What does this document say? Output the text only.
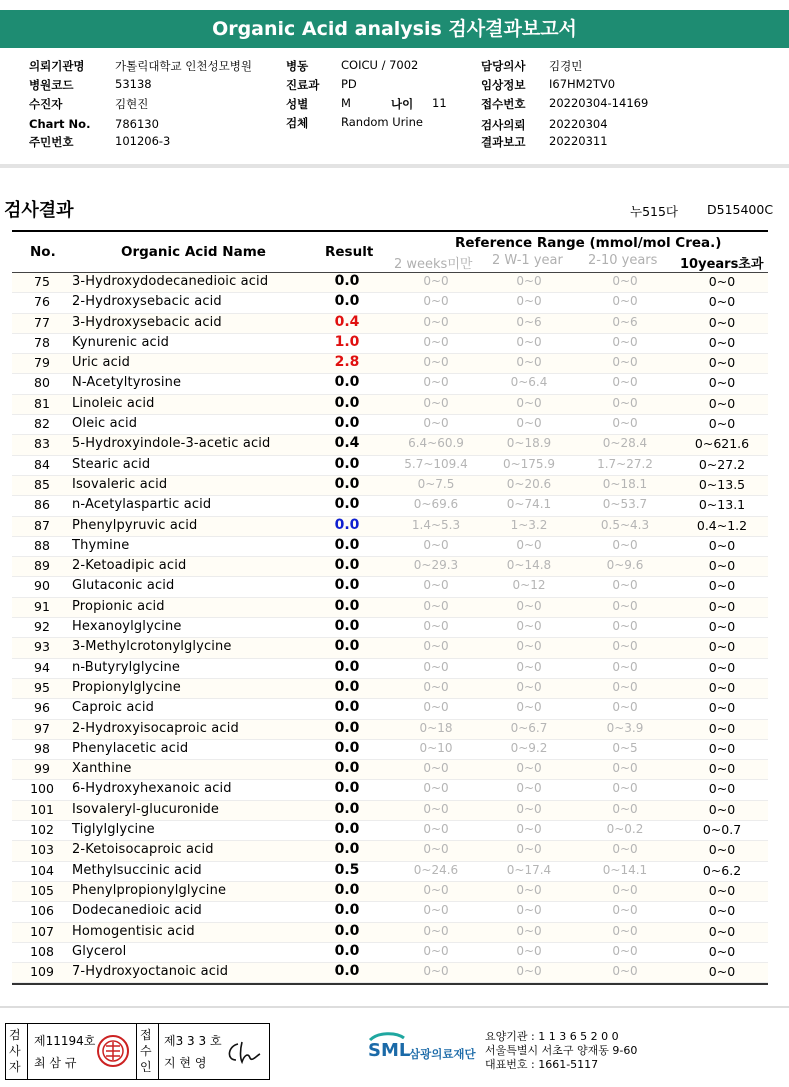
Organic Acid analysis 검사결과보고서
의뢰기관명	가톨릭대학교 인천성모병원
병원코드	53138
수진자	김현진
Chart No. 786130
주민번호	101206-3
병동	COICU / 7002
진료과 PD
성별	M	나이 11
검체	Random Urine
담당의사 김경민
임상정보 I67HM2TV0
접수번호 20220304-14169
검사의뢰 20220304
결과보고 20220311
검사결과	누515다 D515400C
No.	Organic Acid Name	Result
Reference Range (mmol/mol Crea.)
2 weeks미만 2 W-1 year 2-10 years 10years초과
75	3-Hydroxydodecanedioic acid	0.0	0~0	0~0	0~0	0~0
76	2-Hydroxysebacic acid	0.0	0~0	0~0	0~0	0~0
77	3-Hydroxysebacic acid	0.4	0~0	0~6	0~6	0~0
78	Kynurenic acid	1.0	0~0	0~0	0~0	0~0
79	Uric acid	2.8	0~0	0~0	0~0	0~0
80	N-Acetyltyrosine	0.0	0~0	0~6.4	0~0	0~0
81	Linoleic acid	0.0	0~0	0~0	0~0	0~0
82	Oleic acid	0.0	0~0	0~0	0~0	0~0
83	5-Hydroxyindole-3-acetic acid	0.4	6.4~60.9	0~18.9	0~28.4	0~621.6
84	Stearic acid	0.0	5.7~109.4	0~175.9	1.7~27.2	0~27.2
85	Isovaleric acid	0.0	0~7.5	0~20.6	0~18.1	0~13.5
86	n-Acetylaspartic acid	0.0	0~69.6	0~74.1	0~53.7	0~13.1
87	Phenylpyruvic acid	0.0	1.4~5.3	1~3.2	0.5~4.3	0.4~1.2
88	Thymine	0.0	0~0	0~0	0~0	0~0
89	2-Ketoadipic acid	0.0	0~29.3	0~14.8	0~9.6	0~0
90	Glutaconic acid	0.0	0~0	0~12	0~0	0~0
91	Propionic acid	0.0	0~0	0~0	0~0	0~0
92	Hexanoylglycine	0.0	0~0	0~0	0~0	0~0
93	3-Methylcrotonylglycine	0.0	0~0	0~0	0~0	0~0
94	n-Butyrylglycine	0.0	0~0	0~0	0~0	0~0
95	Propionylglycine	0.0	0~0	0~0	0~0	0~0
96	Caproic acid	0.0	0~0	0~0	0~0	0~0
97	2-Hydroxyisocaproic acid	0.0	0~18	0~6.7	0~3.9	0~0
98	Phenylacetic acid	0.0	0~10	0~9.2	0~5	0~0
99	Xanthine	0.0	0~0	0~0	0~0	0~0
100	6-Hydroxyhexanoic acid	0.0	0~0	0~0	0~0	0~0
101	Isovaleryl-glucuronide	0.0	0~0	0~0	0~0	0~0
102	Tiglylglycine	0.0	0~0	0~0	0~0.2	0~0.7
103	2-Ketoisocaproic acid	0.0	0~0	0~0	0~0	0~0
104	Methylsuccinic acid	0.5	0~24.6	0~17.4	0~14.1	0~6.2
105	Phenylpropionylglycine	0.0	0~0	0~0	0~0	0~0
106	Dodecanedioic acid	0.0	0~0	0~0	0~0	0~0
107	Homogentisic acid	0.0	0~0	0~0	0~0	0~0
108	Glycerol	0.0	0~0	0~0	0~0	0~0
109	7-Hydroxyoctanoic acid	0.0	0~0	0~0	0~0	0~0
검사자
제11194호
최 삼 규
접수인
제3 3 3 호
지 현 영
SML
삼광의료재단
요양기관 : 1 1 3 6 5 2 0 0
서울특별시 서초구 양재동 9-60
대표번호 : 1661-5117
